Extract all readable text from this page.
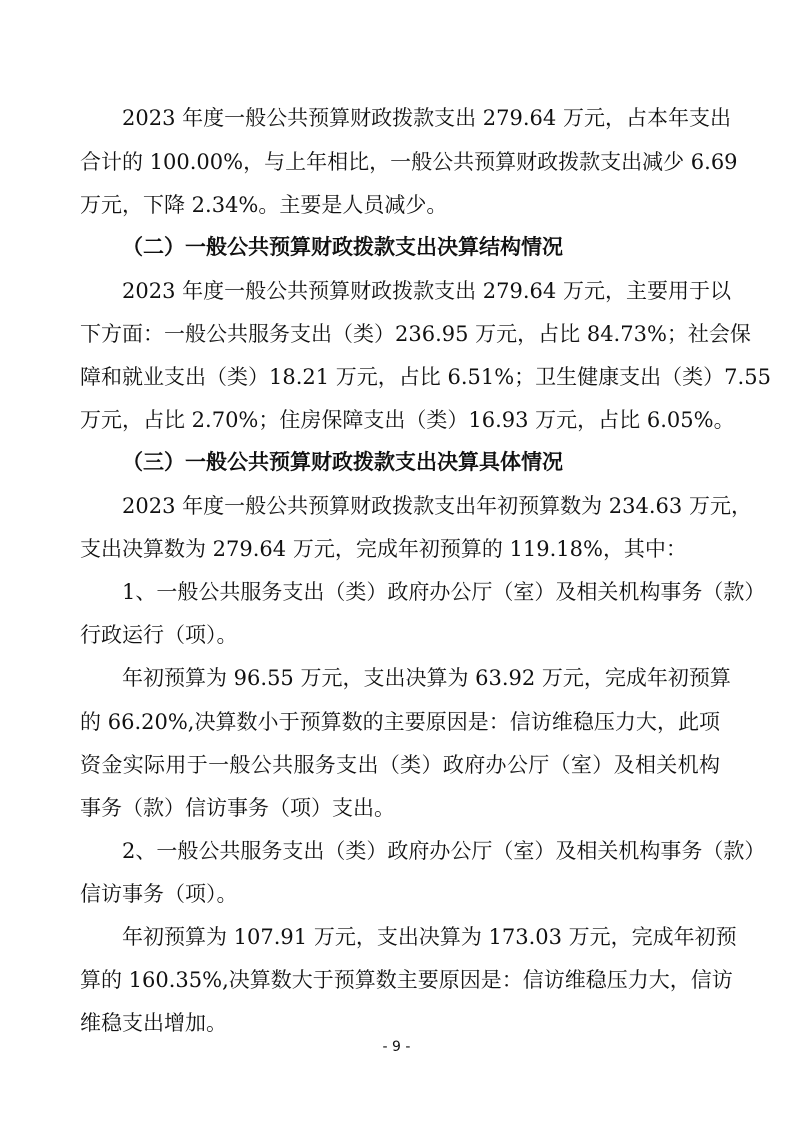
2023 年度一般公共预算财政拨款支出 279.64 万元，占本年支出
合计的 100.00%，与上年相比，一般公共预算财政拨款支出减少 6.69
万元，下降 2.34%。主要是人员减少。
（二）一般公共预算财政拨款支出决算结构情况
2023 年度一般公共预算财政拨款支出 279.64 万元，主要用于以
下方面：一般公共服务支出（类）236.95 万元，占比 84.73%；社会保
障和就业支出（类）18.21 万元，占比 6.51%；卫生健康支出（类）7.55
万元，占比 2.70%；住房保障支出（类）16.93 万元，占比 6.05%。
（三）一般公共预算财政拨款支出决算具体情况
2023 年度一般公共预算财政拨款支出年初预算数为 234.63 万元，
支出决算数为 279.64 万元，完成年初预算的 119.18%，其中：
1、一般公共服务支出（类）政府办公厅（室）及相关机构事务（款）
行政运行（项）。
年初预算为 96.55 万元，支出决算为 63.92 万元，完成年初预算
的 66.20%,决算数小于预算数的主要原因是：信访维稳压力大，此项
资金实际用于一般公共服务支出（类）政府办公厅（室）及相关机构
事务（款）信访事务（项）支出。
2、一般公共服务支出（类）政府办公厅（室）及相关机构事务（款）
信访事务（项）。
年初预算为 107.91 万元，支出决算为 173.03 万元，完成年初预
算的 160.35%,决算数大于预算数主要原因是：信访维稳压力大，信访
维稳支出增加。
- 9 -
